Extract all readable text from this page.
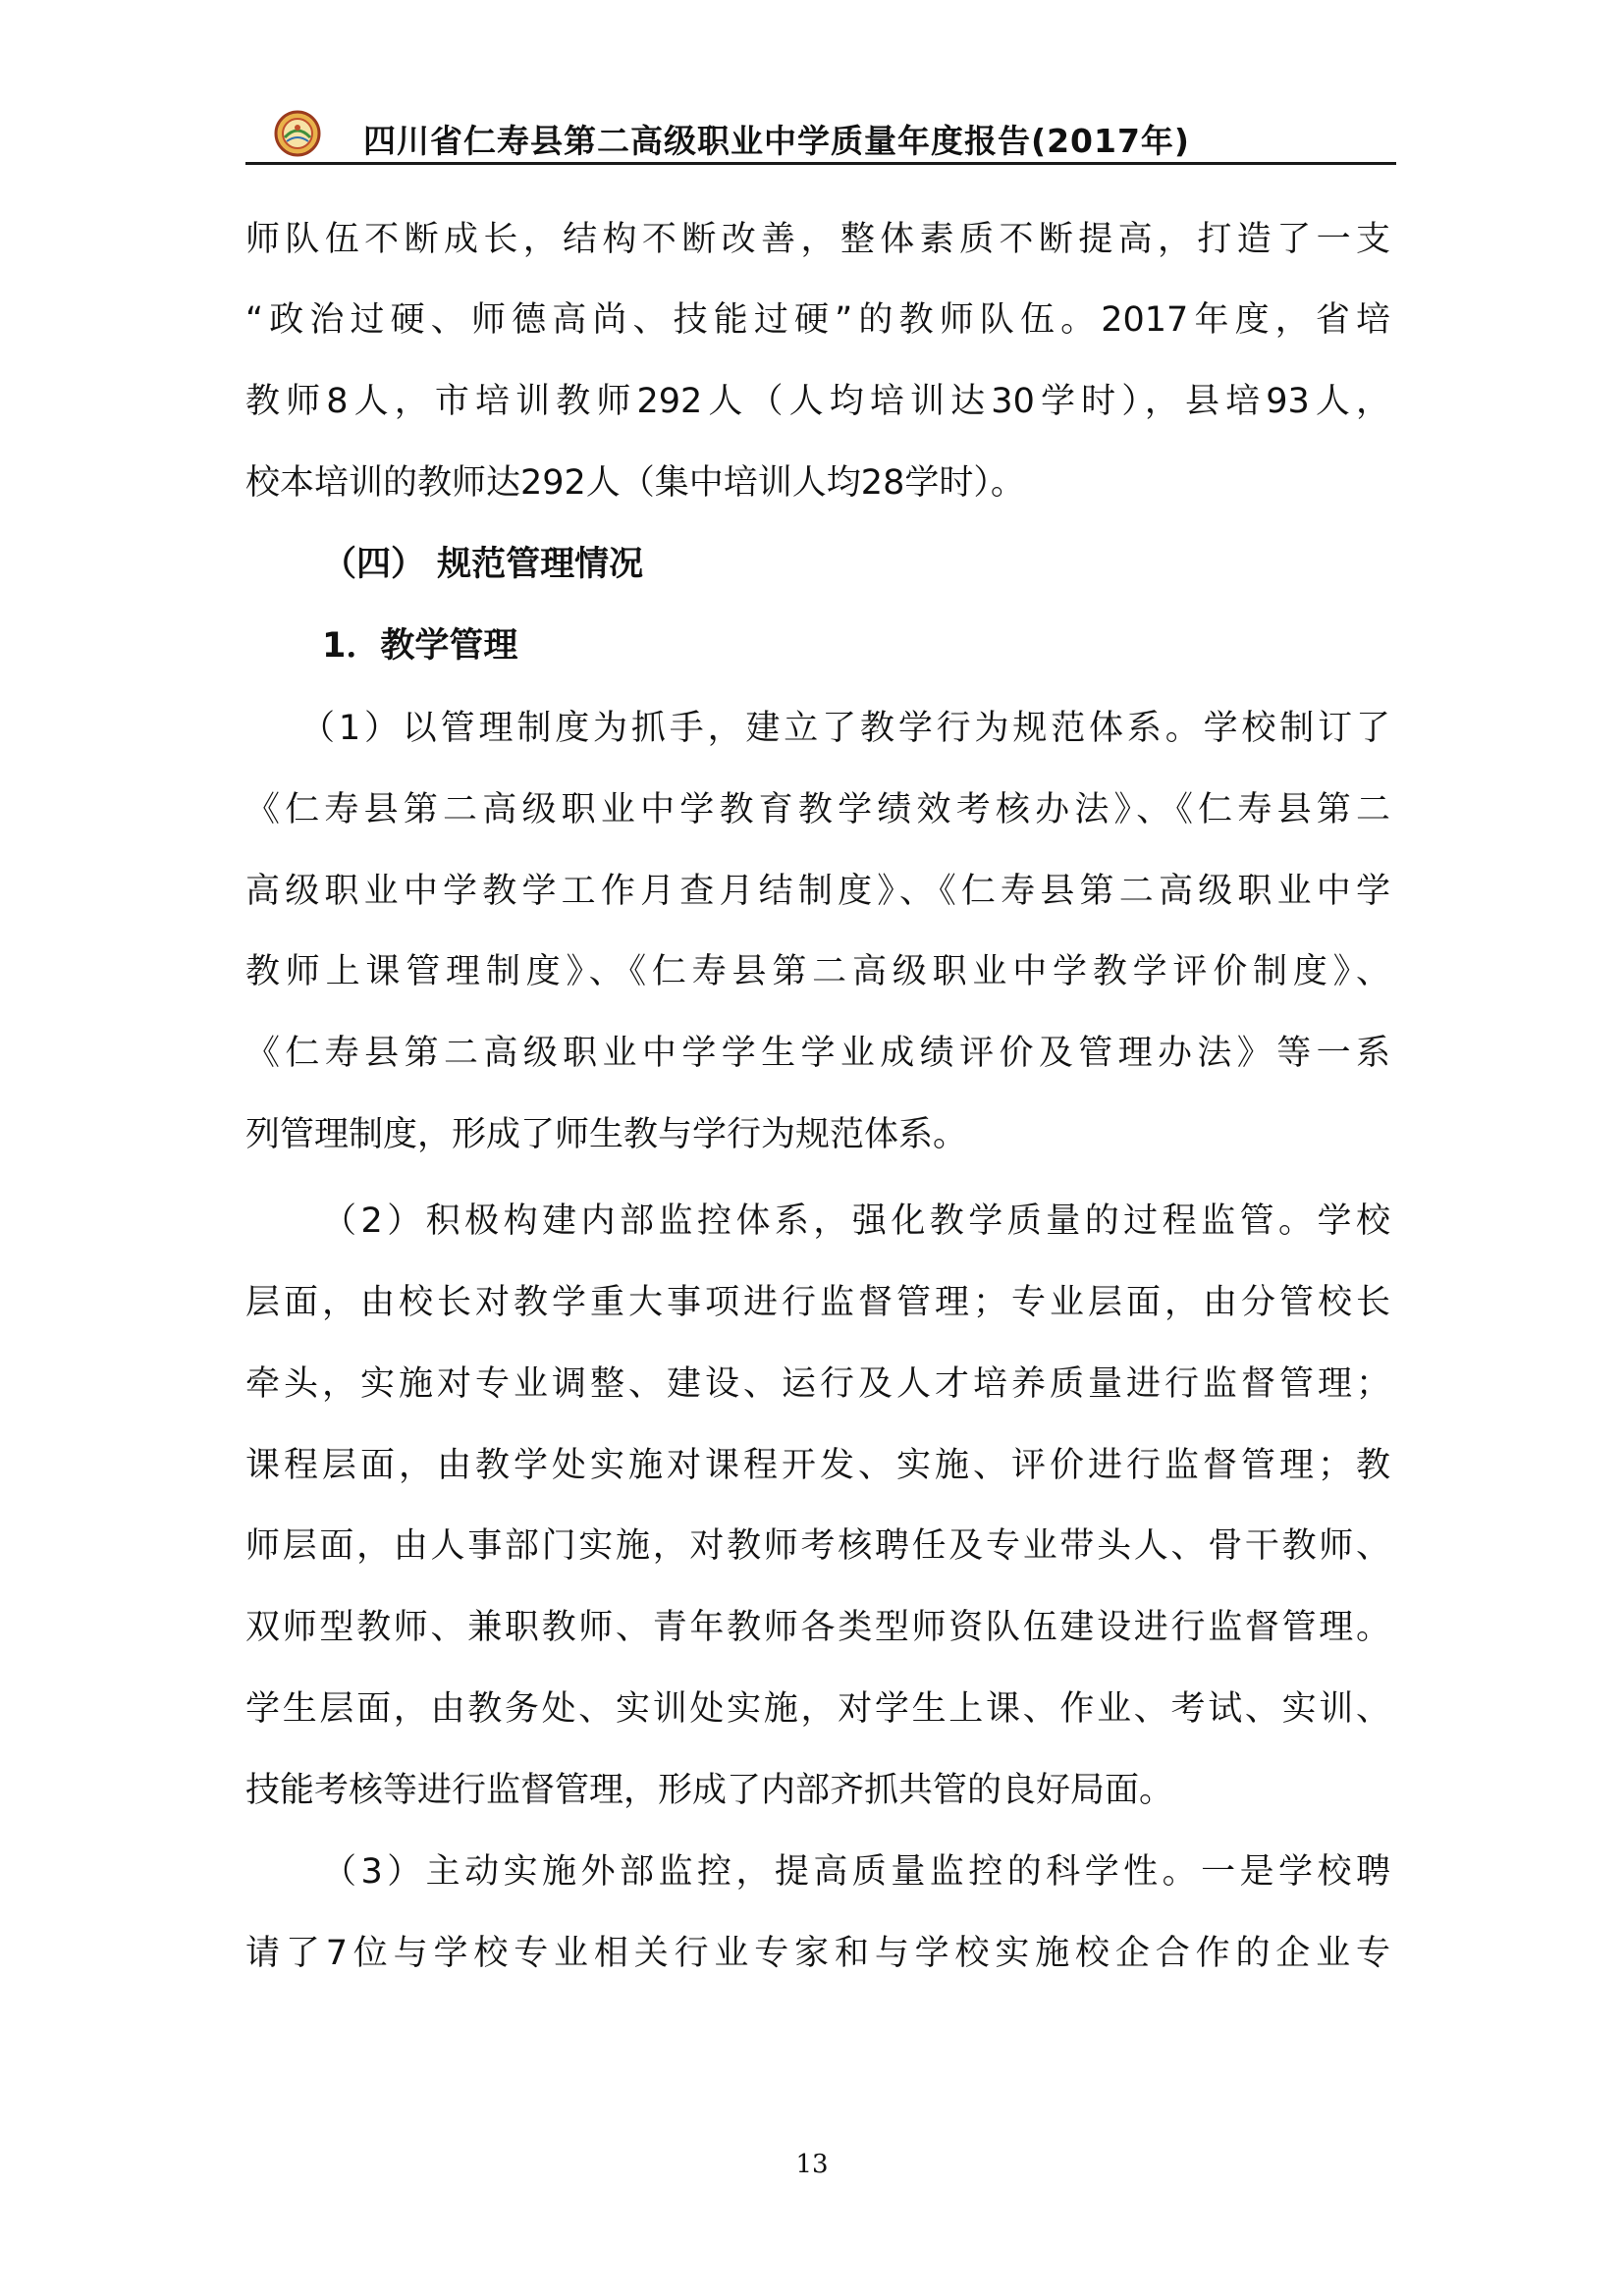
四川省仁寿县第二高级职业中学质量年度报告(2017年)
师队伍不断成长，结构不断改善，整体素质不断提高，打造了一支
“政治过硬、师德高尚、技能过硬”的教师队伍。2017年度，省培
教师8人，市培训教师292人（人均培训达30学时），县培93人，
校本培训的教师达292人（集中培训人均28学时）。
（四） 规范管理情况
1．教学管理
（1）以管理制度为抓手，建立了教学行为规范体系。学校制订了
《仁寿县第二高级职业中学教育教学绩效考核办法》、《仁寿县第二
高级职业中学教学工作月查月结制度》、《仁寿县第二高级职业中学
教师上课管理制度》、《仁寿县第二高级职业中学教学评价制度》、
《仁寿县第二高级职业中学学生学业成绩评价及管理办法》等一系
列管理制度，形成了师生教与学行为规范体系。
（2）积极构建内部监控体系，强化教学质量的过程监管。学校
层面，由校长对教学重大事项进行监督管理；专业层面，由分管校长
牵头，实施对专业调整、建设、运行及人才培养质量进行监督管理；
课程层面，由教学处实施对课程开发、实施、评价进行监督管理；教
师层面，由人事部门实施，对教师考核聘任及专业带头人、骨干教师、
双师型教师、兼职教师、青年教师各类型师资队伍建设进行监督管理。
学生层面，由教务处、实训处实施，对学生上课、作业、考试、实训、
技能考核等进行监督管理，形成了内部齐抓共管的良好局面。
（3）主动实施外部监控，提高质量监控的科学性。一是学校聘
请了7位与学校专业相关行业专家和与学校实施校企合作的企业专
13
